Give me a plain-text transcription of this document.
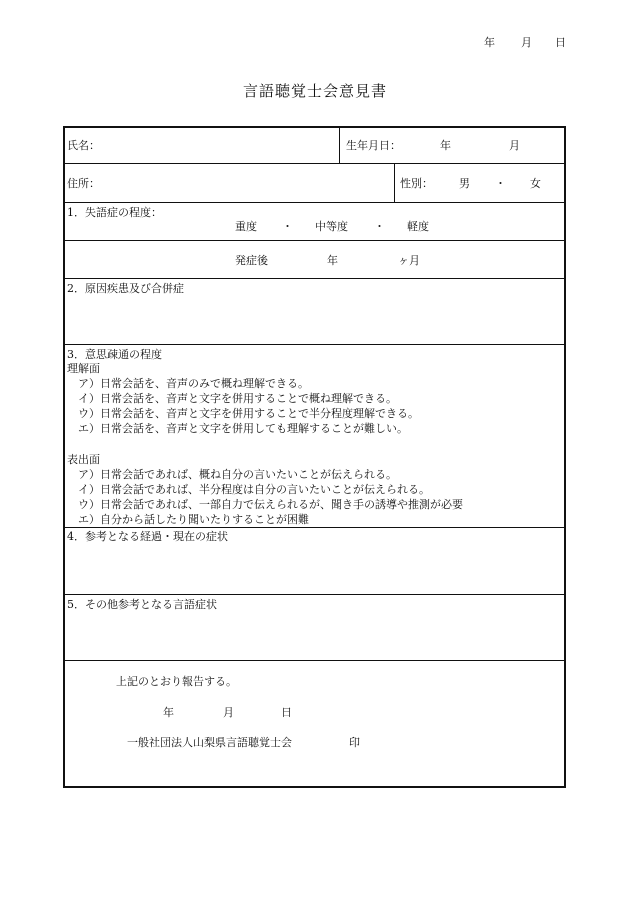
年 月 日
言語聴覚士会意見書
氏名：	生年月日：	年	月
住所：	性別： 男 ・ 女
1．失語症の程度：
重度 ・ 中等度 ・ 軽度
発症後	年	ヶ月
2．原因疾患及び合併症
3．意思疎通の程度
理解面
ア）日常会話を、音声のみで概ね理解できる。
イ）日常会話を、音声と文字を併用することで概ね理解できる。
ウ）日常会話を、音声と文字を併用することで半分程度理解できる。
エ）日常会話を、音声と文字を併用しても理解することが難しい。
表出面
ア）日常会話であれば、概ね自分の言いたいことが伝えられる。
イ）日常会話であれば、半分程度は自分の言いたいことが伝えられる。
ウ）日常会話であれば、一部自力で伝えられるが、聞き手の誘導や推測が必要
エ）自分から話したり聞いたりすることが困難
4．参考となる経過・現在の症状
5．その他参考となる言語症状
上記のとおり報告する。
年	月	日
一般社団法人山梨県言語聴覚士会	印
